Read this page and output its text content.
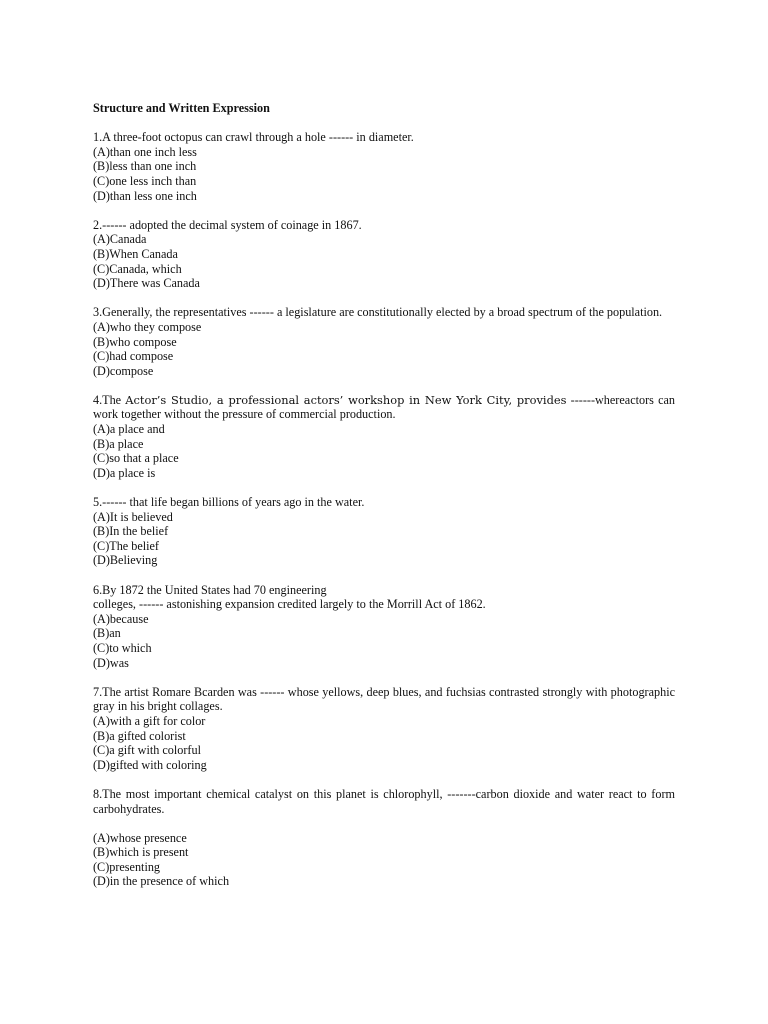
Structure and Written Expression
1.A three-foot octopus can crawl through a hole ------ in diameter.
(A)than one inch less
(B)less than one inch
(C)one less inch than
(D)than less one inch
2.------ adopted the decimal system of coinage in 1867.
(A)Canada
(B)When Canada
(C)Canada, which
(D)There was Canada
3.Generally, the representatives ------ a legislature are constitutionally elected by a broad spectrum of the population.
(A)who they compose
(B)who compose
(C)had compose
(D)compose
4.The Actor’s Studio, a professional actors’ workshop in New York City, provides ------whereactors can work together without the pressure of commercial production.
(A)a place and
(B)a place
(C)so that a place
(D)a place is
5.------ that life began billions of years ago in the water.
(A)It is believed
(B)In the belief
(C)The belief
(D)Believing
6.By 1872 the United States had 70 engineering
colleges, ------ astonishing expansion credited largely to the Morrill Act of 1862.
(A)because
(B)an
(C)to which
(D)was
7.The artist Romare Bcarden was ------ whose yellows, deep blues, and fuchsias contrasted strongly with photographic gray in his bright collages.
(A)with a gift for color
(B)a gifted colorist
(C)a gift with colorful
(D)gifted with coloring
8.The most important chemical catalyst on this planet is chlorophyll, -------carbon dioxide and water react to form carbohydrates.
(A)whose presence
(B)which is present
(C)presenting
(D)in the presence of which
